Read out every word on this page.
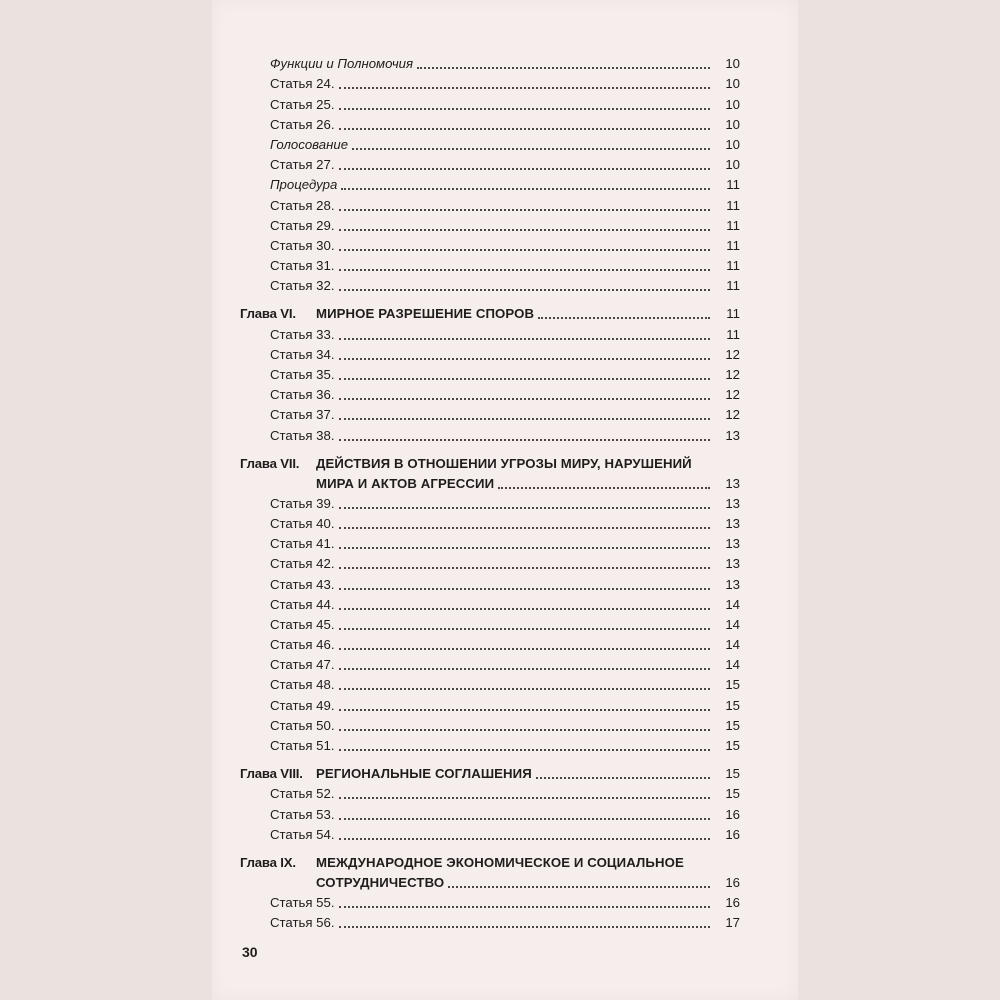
Функции и Полномочия	10
Статья 24.	10
Статья 25.	10
Статья 26.	10
Голосование	10
Статья 27.	10
Процедура	11
Статья 28.	11
Статья 29.	11
Статья 30.	11
Статья 31.	11
Статья 32.	11
Глава VI.	МИРНОЕ РАЗРЕШЕНИЕ СПОРОВ	11
Статья 33.	11
Статья 34.	12
Статья 35.	12
Статья 36.	12
Статья 37.	12
Статья 38.	13
Глава VII.	ДЕЙСТВИЯ В ОТНОШЕНИИ УГРОЗЫ МИРУ, НАРУШЕНИЙ
МИРА И АКТОВ АГРЕССИИ	13
Статья 39.	13
Статья 40.	13
Статья 41.	13
Статья 42.	13
Статья 43.	13
Статья 44.	14
Статья 45.	14
Статья 46.	14
Статья 47.	14
Статья 48.	15
Статья 49.	15
Статья 50.	15
Статья 51.	15
Глава VIII.	РЕГИОНАЛЬНЫЕ СОГЛАШЕНИЯ	15
Статья 52.	15
Статья 53.	16
Статья 54.	16
Глава IX.	МЕЖДУНАРОДНОЕ ЭКОНОМИЧЕСКОЕ И СОЦИАЛЬНОЕ
СОТРУДНИЧЕСТВО	16
Статья 55.	16
Статья 56.	17
30
